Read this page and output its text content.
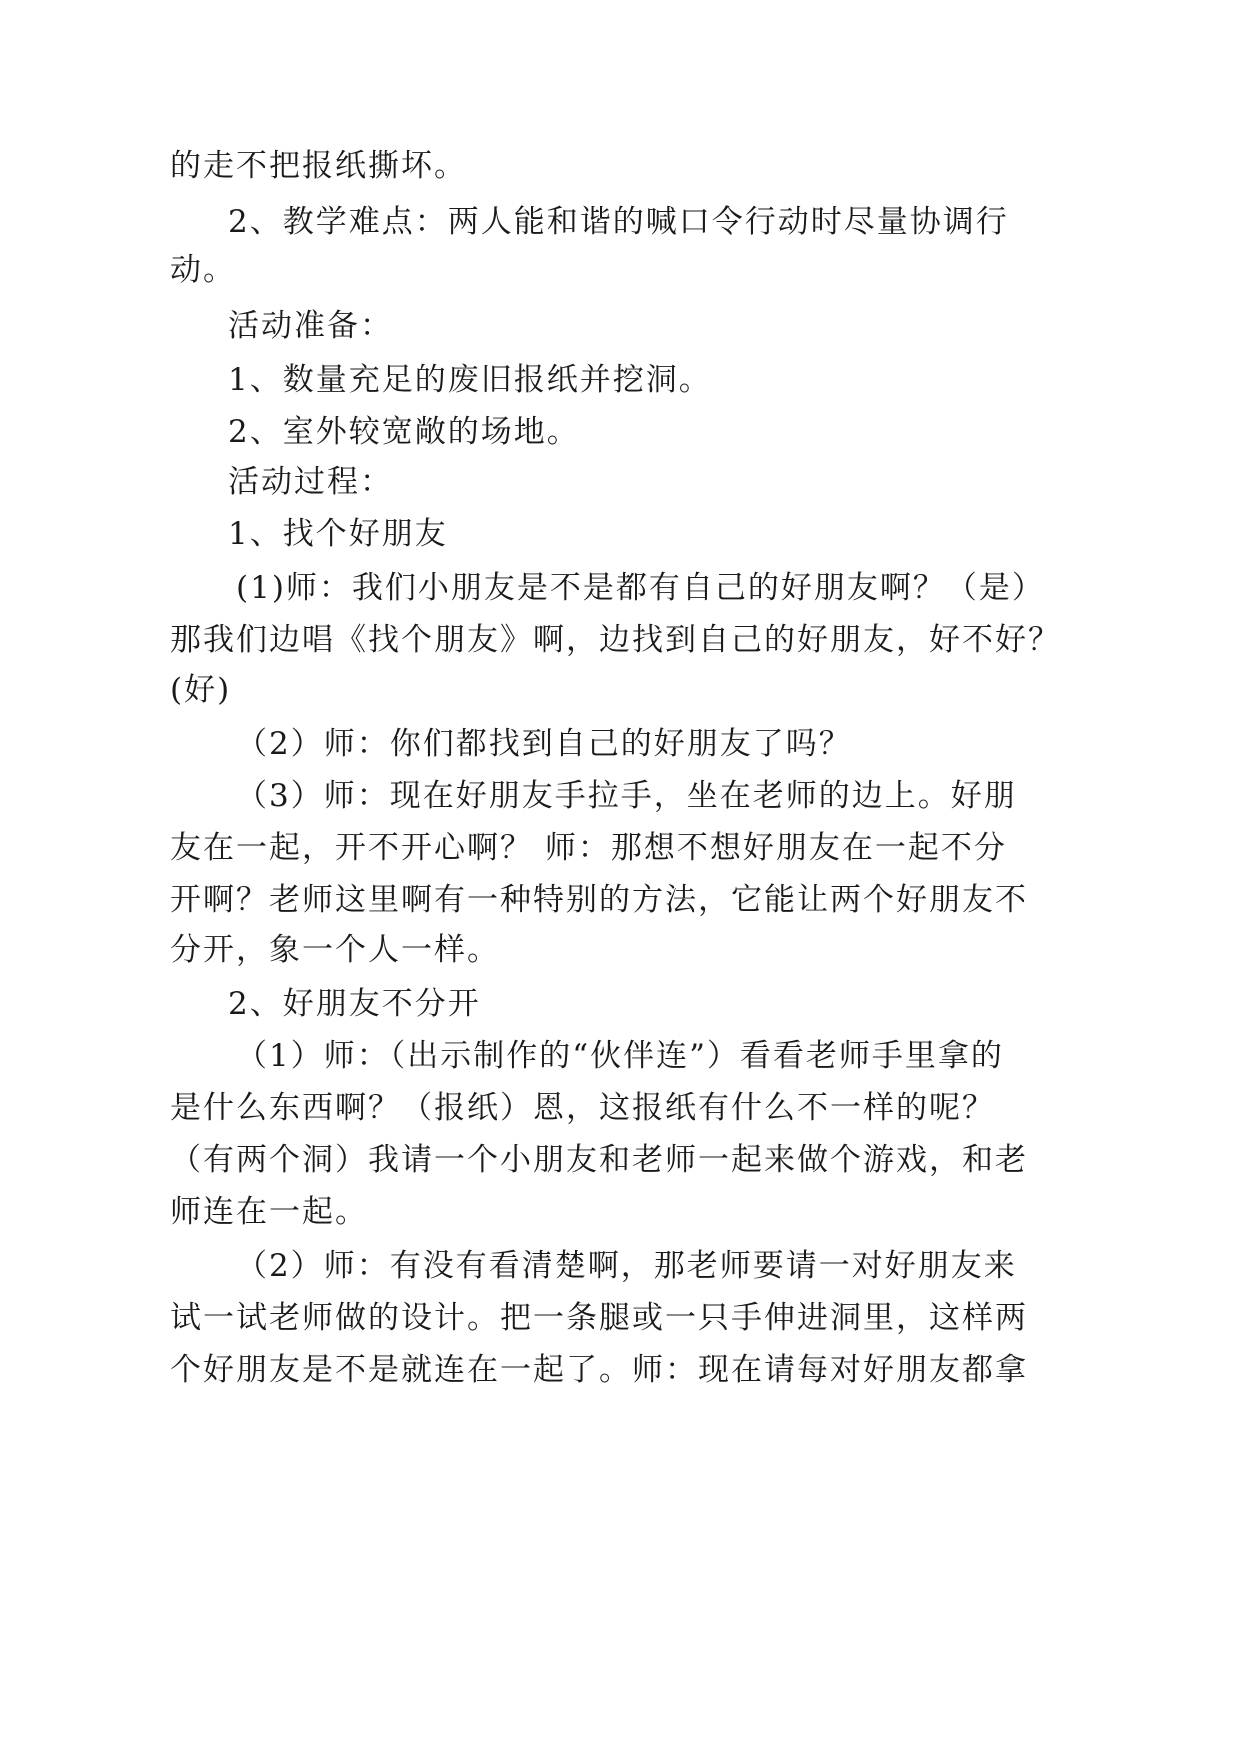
的走不把报纸撕坏。
2、教学难点：两人能和谐的喊口令行动时尽量协调行
动。
活动准备：
1、数量充足的废旧报纸并挖洞。
2、室外较宽敞的场地。
活动过程：
1、找个好朋友
(1)师：我们小朋友是不是都有自己的好朋友啊？（是）
那我们边唱《找个朋友》啊，边找到自己的好朋友，好不好？
(好)
（2）师：你们都找到自己的好朋友了吗？
（3）师：现在好朋友手拉手，坐在老师的边上。好朋
友在一起，开不开心啊？ 师：那想不想好朋友在一起不分
开啊？老师这里啊有一种特别的方法，它能让两个好朋友不
分开，象一个人一样。
2、好朋友不分开
（1）师：（出示制作的“伙伴连”）看看老师手里拿的
是什么东西啊？（报纸）恩，这报纸有什么不一样的呢？
（有两个洞）我请一个小朋友和老师一起来做个游戏，和老
师连在一起。
（2）师：有没有看清楚啊，那老师要请一对好朋友来
试一试老师做的设计。把一条腿或一只手伸进洞里，这样两
个好朋友是不是就连在一起了。师：现在请每对好朋友都拿
